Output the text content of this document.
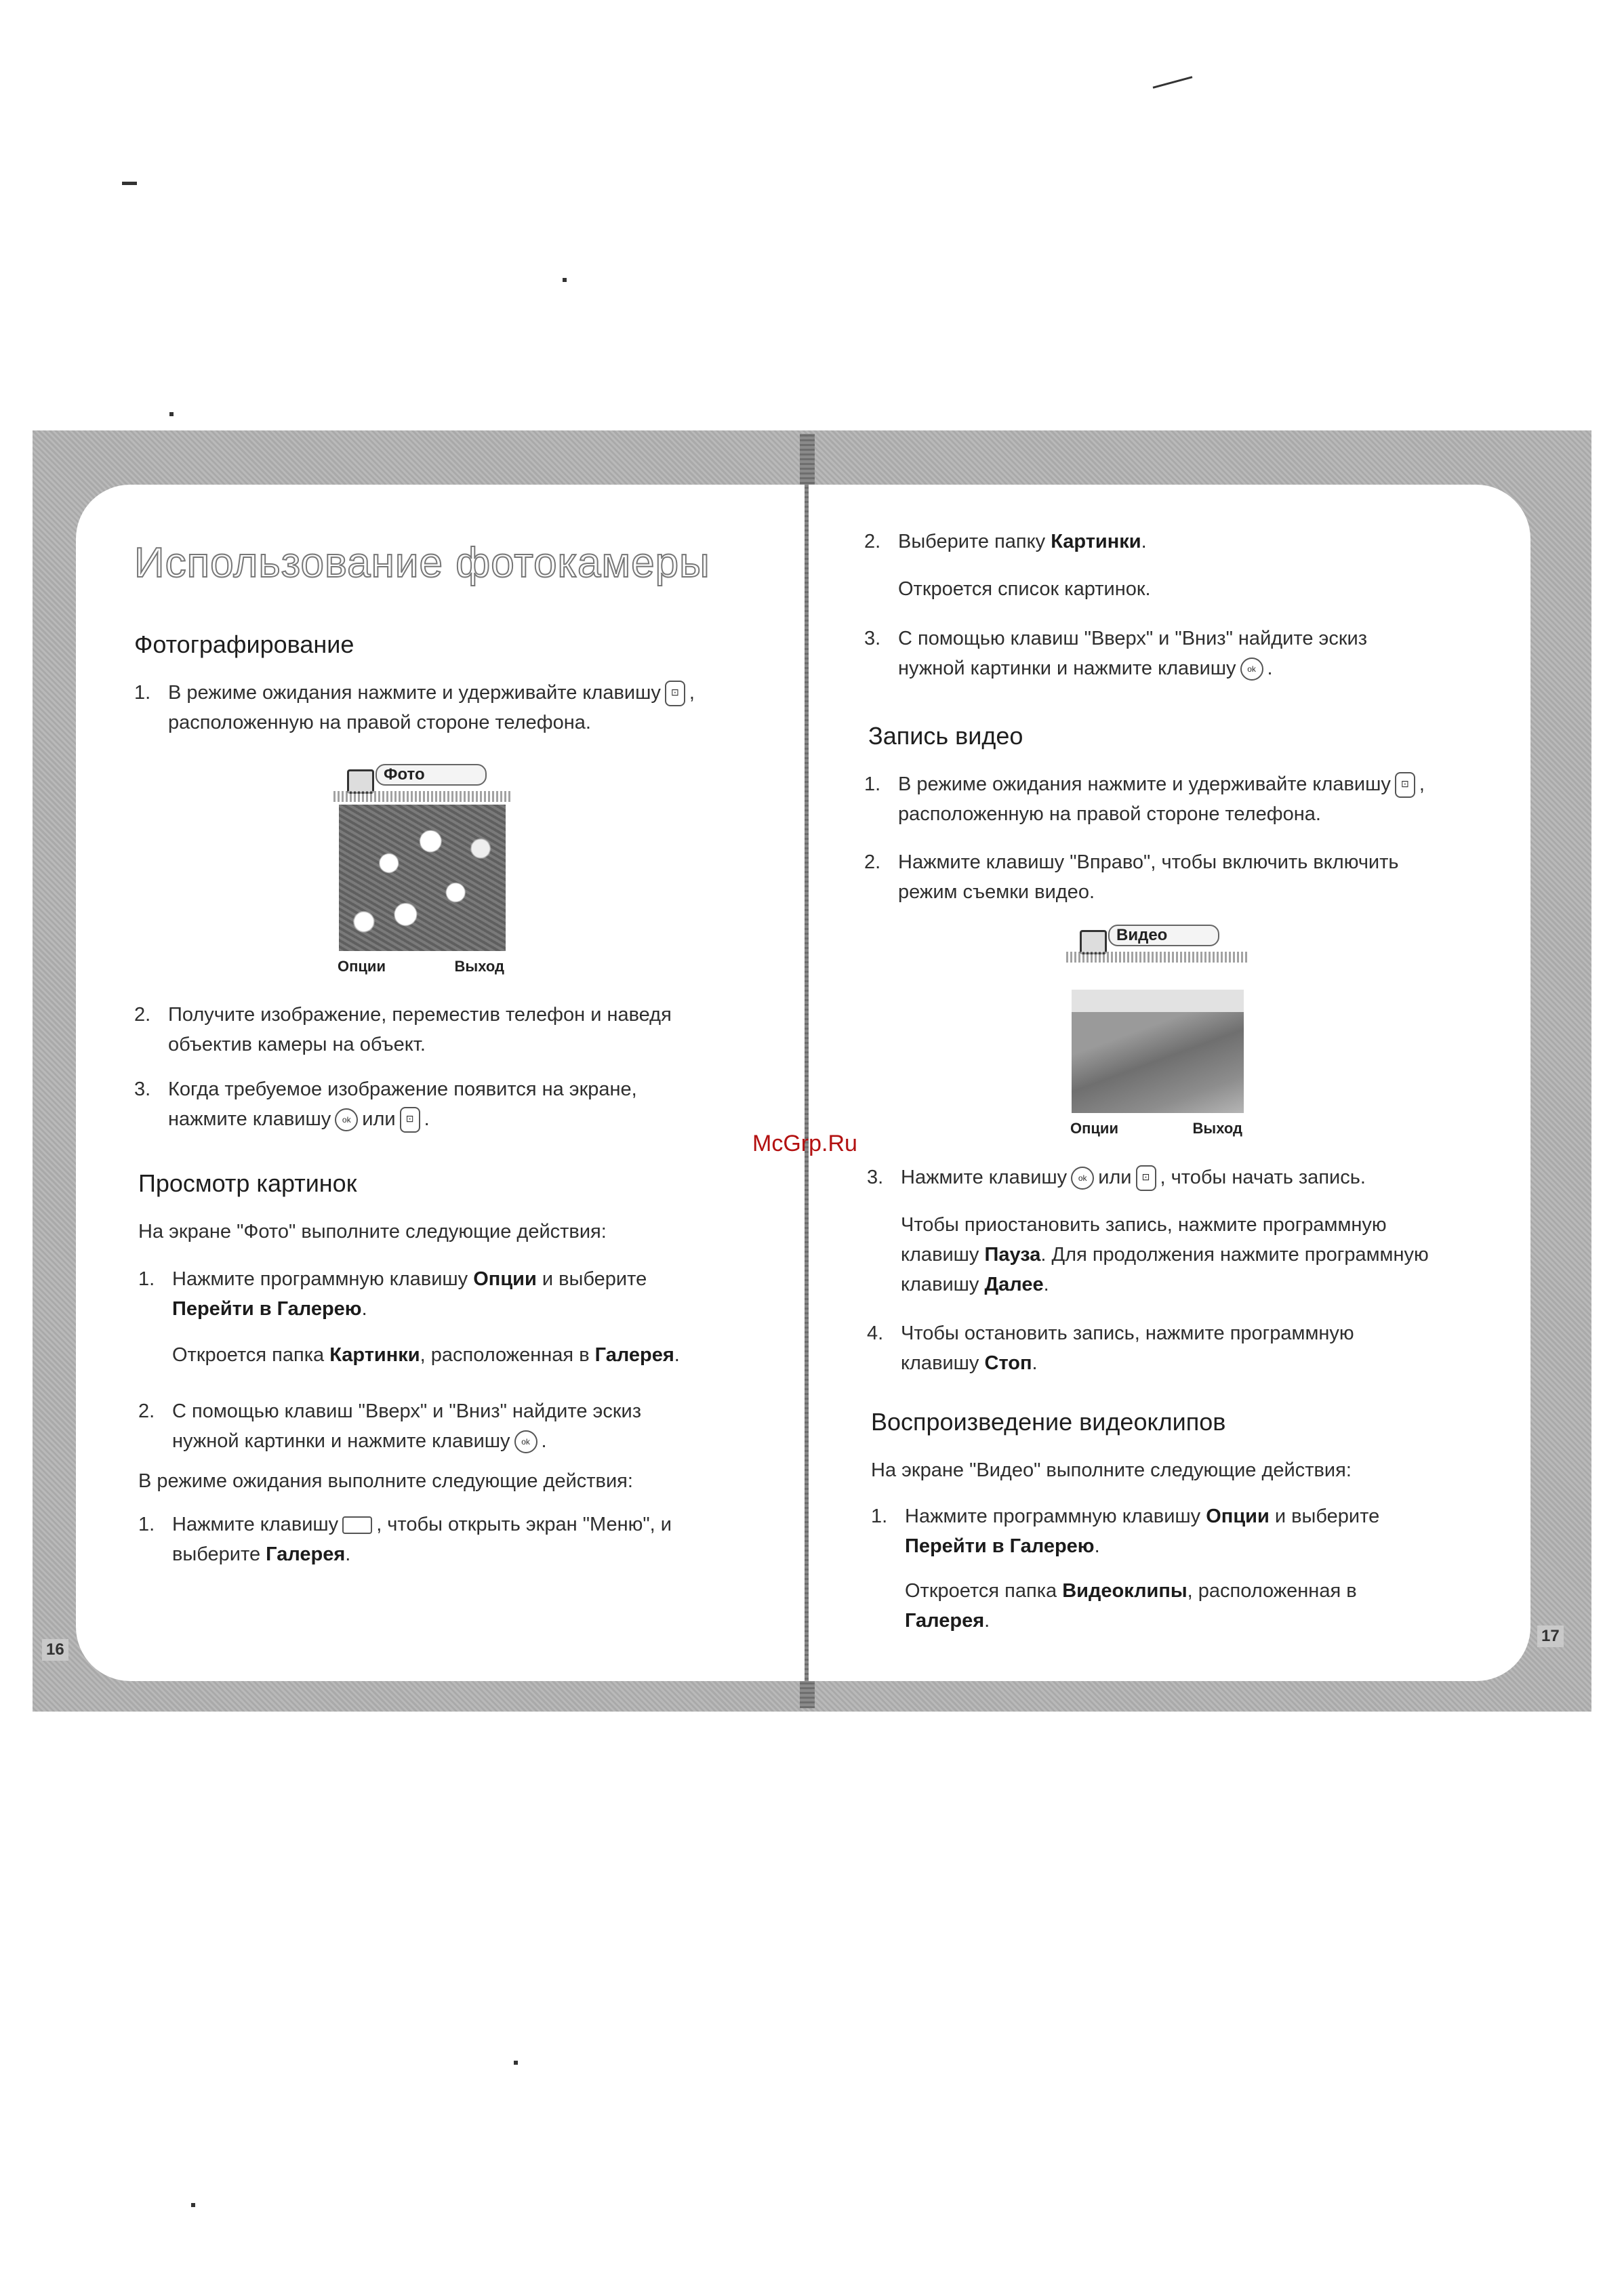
Использование фотокамеры
Фотографирование

1. В режиме ожидания нажмите и удерживайте клавишу ⊡ ,
расположенную на правой стороне телефона.

Фото
Опции	Выход

2. Получите изображение, переместив телефон и наведя
объектив камеры на объект.

3. Когда требуемое изображение появится на экране,
нажмите клавишу ok или ⊡ .

Просмотр картинок

На экране "Фото" выполните следующие действия:

1. Нажмите программную клавишу Опции и выберите
Перейти в Галерею.

Откроется папка Картинки, расположенная в Галерея.

2. С помощью клавиш "Вверх" и "Вниз" найдите эскиз
нужной картинки и нажмите клавишу ok .

В режиме ожидания выполните следующие действия:

1. Нажмите клавишу , чтобы открыть экран "Меню", и
выберите Галерея.

16

2. Выберите папку Картинки.

Откроется список картинок.

3. С помощью клавиш "Вверх" и "Вниз" найдите эскиз
нужной картинки и нажмите клавишу ok .

Запись видео

1. В режиме ожидания нажмите и удерживайте клавишу ⊡ ,
расположенную на правой стороне телефона.

2. Нажмите клавишу "Вправо", чтобы включить включить
режим съемки видео.

Видео
Опции	Выход

3. Нажмите клавишу ok или ⊡ , чтобы начать запись.

Чтобы приостановить запись, нажмите программную
клавишу Пауза. Для продолжения нажмите программную
клавишу Далее.

4. Чтобы остановить запись, нажмите программную
клавишу Стоп.

Воспроизведение видеоклипов

На экране "Видео" выполните следующие действия:

1. Нажмите программную клавишу Опции и выберите
Перейти в Галерею.

Откроется папка Видеоклипы, расположенная в
Галерея.

17
McGrp.Ru
